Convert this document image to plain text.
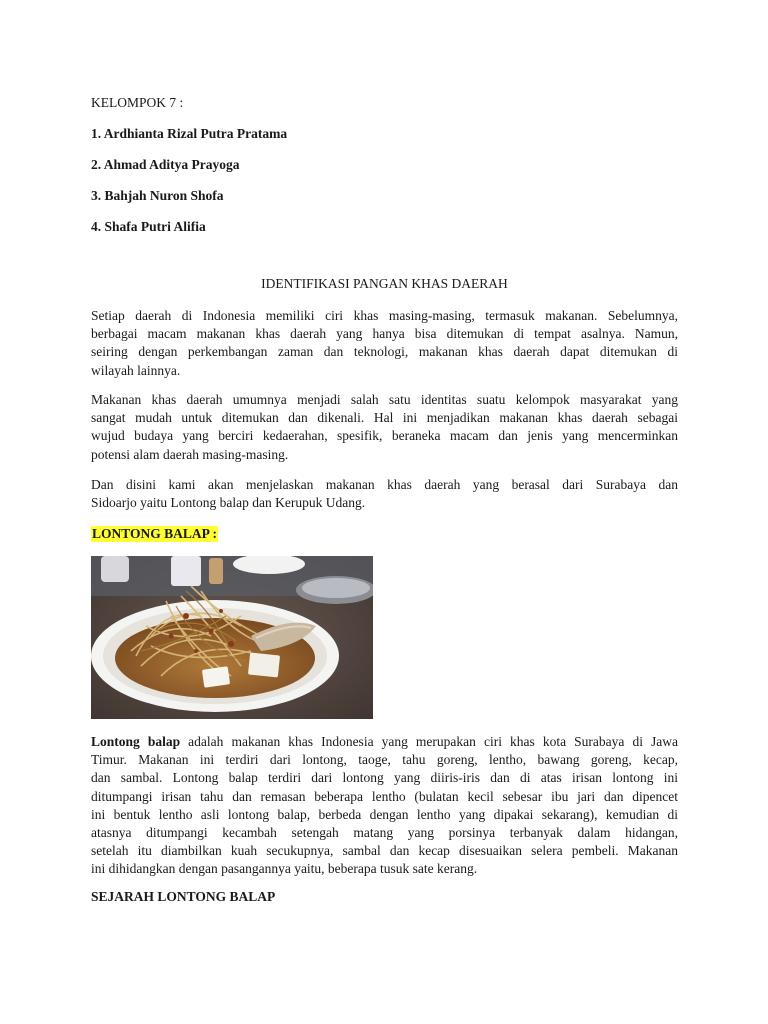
KELOMPOK 7 :

1. Ardhianta Rizal Putra Pratama

2. Ahmad Aditya Prayoga

3. Bahjah Nuron Shofa

4. Shafa Putri Alifia

IDENTIFIKASI PANGAN KHAS DAERAH

Setiap daerah di Indonesia memiliki ciri khas masing-masing, termasuk makanan. Sebelumnya,
berbagai macam makanan khas daerah yang hanya bisa ditemukan di tempat asalnya. Namun,
seiring dengan perkembangan zaman dan teknologi, makanan khas daerah dapat ditemukan di
wilayah lainnya.
Makanan khas daerah umumnya menjadi salah satu identitas suatu kelompok masyarakat yang
sangat mudah untuk ditemukan dan dikenali. Hal ini menjadikan makanan khas daerah sebagai
wujud budaya yang berciri kedaerahan, spesifik, beraneka macam dan jenis yang mencerminkan
potensi alam daerah masing-masing.
Dan disini kami akan menjelaskan makanan khas daerah yang berasal dari Surabaya dan
Sidoarjo yaitu Lontong balap dan Kerupuk Udang.
LONTONG BALAP :
Lontong balap adalah makanan khas Indonesia yang merupakan ciri khas kota Surabaya di Jawa
Timur. Makanan ini terdiri dari lontong, taoge, tahu goreng, lentho, bawang goreng, kecap,
dan sambal. Lontong balap terdiri dari lontong yang diiris-iris dan di atas irisan lontong ini
ditumpangi irisan tahu dan remasan beberapa lentho (bulatan kecil sebesar ibu jari dan dipencet
ini bentuk lentho asli lontong balap, berbeda dengan lentho yang dipakai sekarang), kemudian di
atasnya ditumpangi kecambah setengah matang yang porsinya terbanyak dalam hidangan,
setelah itu diambilkan kuah secukupnya, sambal dan kecap disesuaikan selera pembeli. Makanan
ini dihidangkan dengan pasangannya yaitu, beberapa tusuk sate kerang.
SEJARAH LONTONG BALAP
